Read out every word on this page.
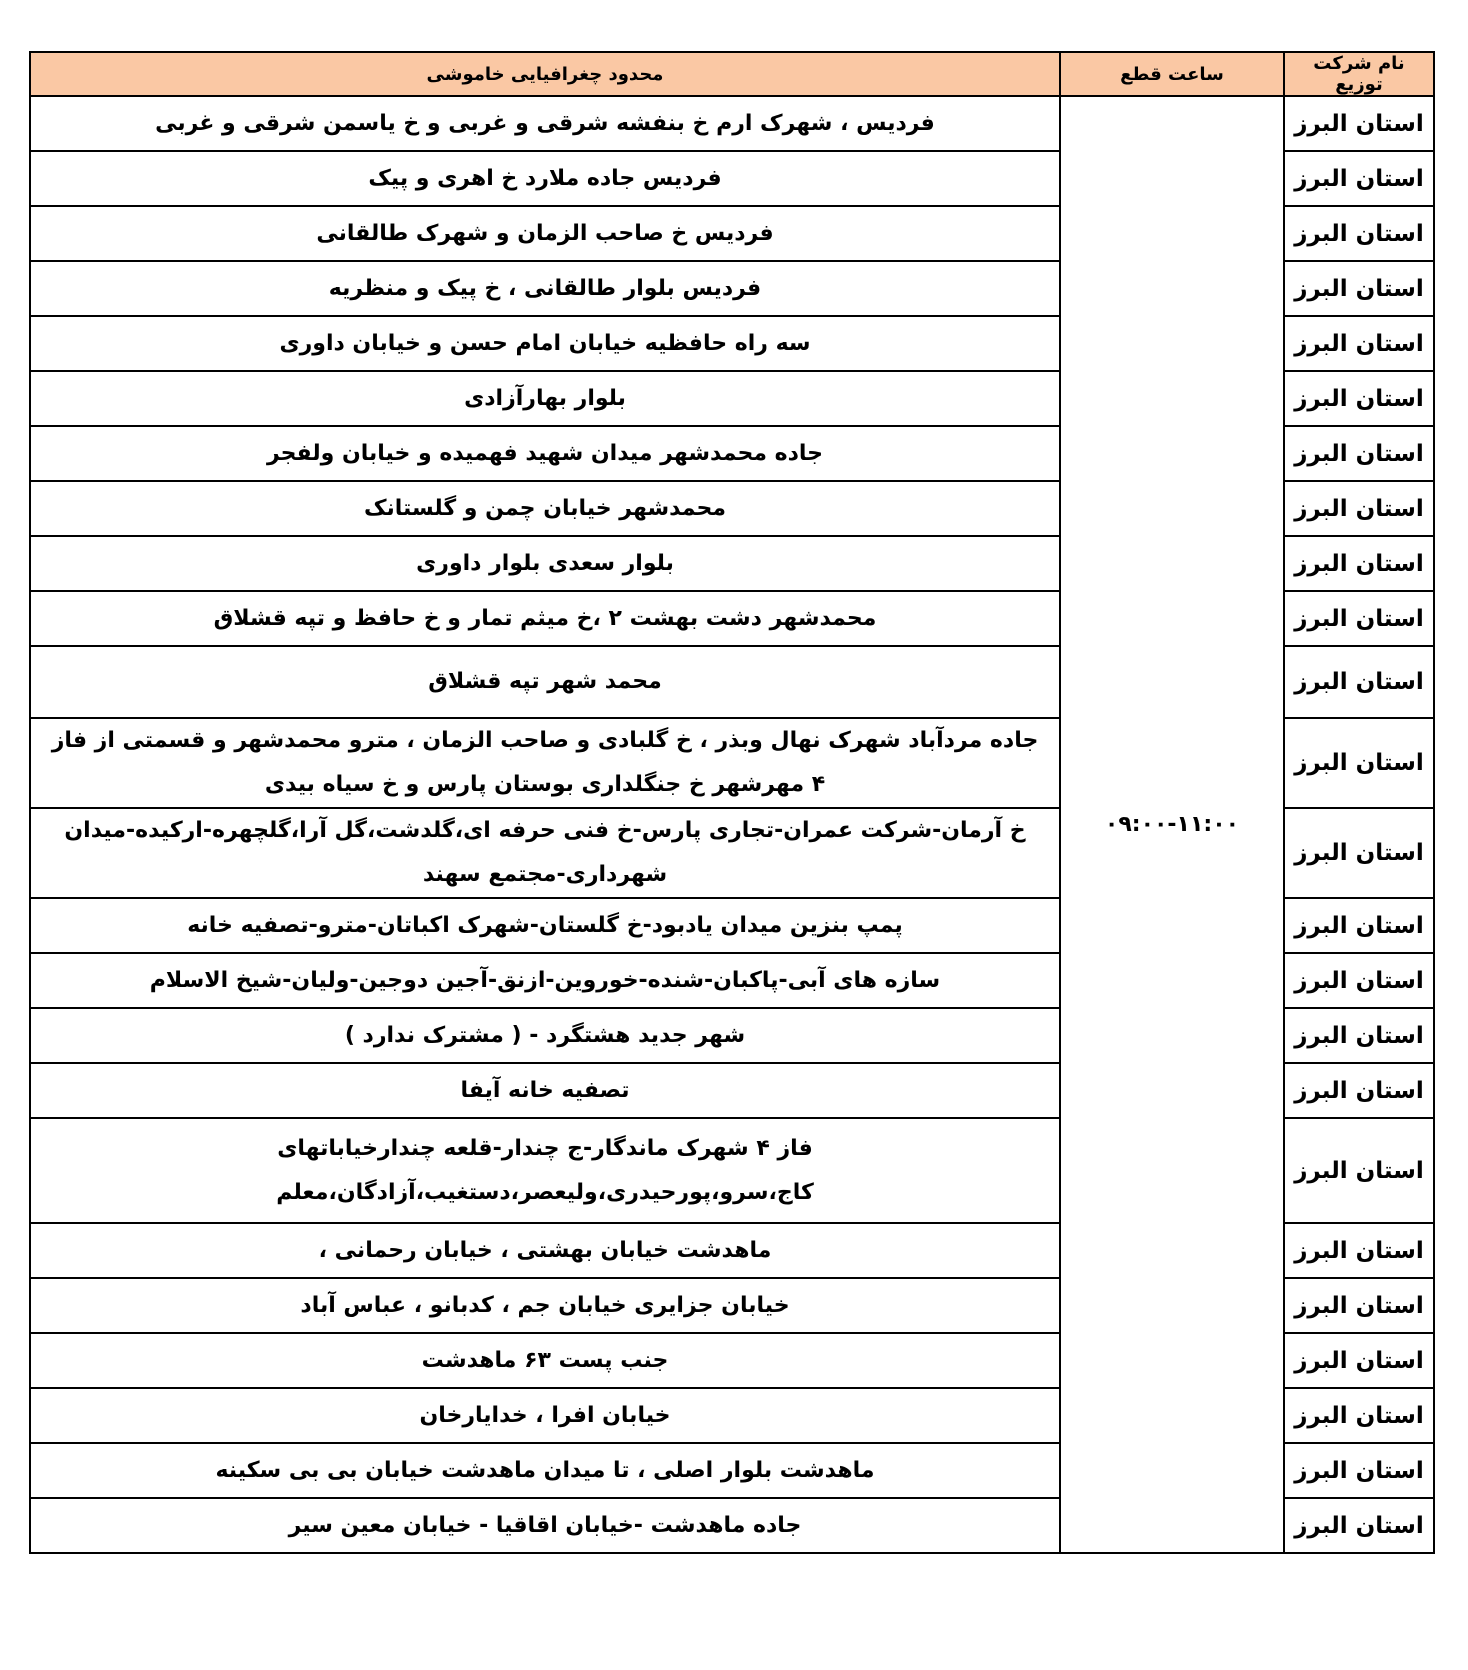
نام شرکت توزیع	ساعت قطع	محدود چغرافیایی خاموشی
استان البرز	۰۹:۰۰-۱۱:۰۰	فردیس ، شهرک ارم خ بنفشه شرقی و غربی و خ یاسمن شرقی و غربی
استان البرز		فردیس جاده ملارد خ اهری و پیک
استان البرز		فردیس خ صاحب الزمان و شهرک طالقانی
استان البرز		فردیس بلوار طالقانی ، خ پیک و منظریه
استان البرز		سه راه حافظیه خیابان امام حسن و خیابان داوری
استان البرز		بلوار بهارآزادی
استان البرز		جاده محمدشهر میدان شهید فهمیده و خیابان ولفجر
استان البرز		محمدشهر خیابان چمن و گلستانک
استان البرز		بلوار سعدی بلوار داوری
استان البرز		محمدشهر دشت بهشت ۲ ،خ میثم تمار و خ حافظ و تپه قشلاق
استان البرز		محمد شهر تپه قشلاق
استان البرز		جاده مردآباد شهرک نهال وبذر ، خ گلبادی و صاحب الزمان ، مترو محمدشهر و قسمتی از فاز ۴ مهرشهر خ جنگلداری بوستان پارس و خ سیاه بیدی
استان البرز		خ آرمان-شرکت عمران-تجاری پارس-خ فنی حرفه ای،گلدشت،گل آرا،گلچهره-ارکیده-میدان شهرداری-مجتمع سهند
استان البرز		پمپ بنزین میدان یادبود-خ گلستان-شهرک اکباتان-مترو-تصفیه خانه
استان البرز		سازه های آبی-پاکبان-شنده-خوروین-ازنق-آجین دوجین-ولیان-شیخ الاسلام
استان البرز		شهر جدید هشتگرد - ( مشترک ندارد )
استان البرز		تصفیه خانه آیفا
استان البرز		فاز ۴ شهرک ماندگار-ج چندار-قلعه چندارخیاباتهای کاج،سرو،پورحیدری،ولیعصر،دستغیب،آزادگان،معلم
استان البرز		ماهدشت خیابان بهشتی ، خیابان رحمانی ،
استان البرز		خیابان جزایری خیابان جم ، کدبانو ، عباس آباد
استان البرز		جنب پست ۶۳ ماهدشت
استان البرز		خیابان افرا ، خدایارخان
استان البرز		ماهدشت بلوار اصلی ، تا میدان ماهدشت خیابان بی بی سکینه
استان البرز		جاده ماهدشت -خیابان اقاقیا - خیابان معین سیر
